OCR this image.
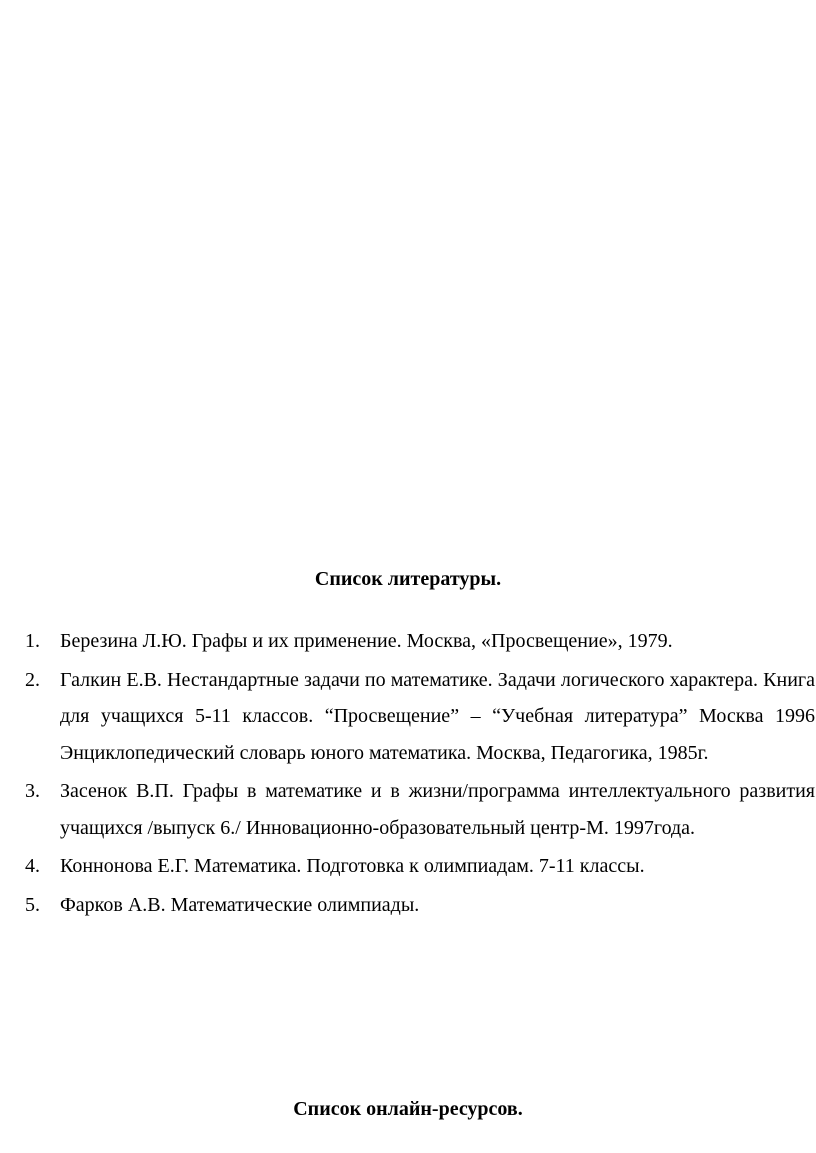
Список литературы.
1. Березина Л.Ю. Графы и их применение. Москва, «Просвещение», 1979.
2. Галкин Е.В. Нестандартные задачи по математике. Задачи логического характера. Книга для учащихся 5-11 классов. “Просвещение” – “Учебная литература” Москва 1996 Энциклопедический словарь юного математика. Москва, Педагогика, 1985г.
3. Засенок В.П. Графы в математике и в жизни/программа интеллектуального развития учащихся /выпуск 6./ Инновационно-образовательный центр-М. 1997года.
4. Коннонова Е.Г. Математика. Подготовка к олимпиадам. 7-11 классы.
5. Фарков А.В. Математические олимпиады.
Список онлайн-ресурсов.
